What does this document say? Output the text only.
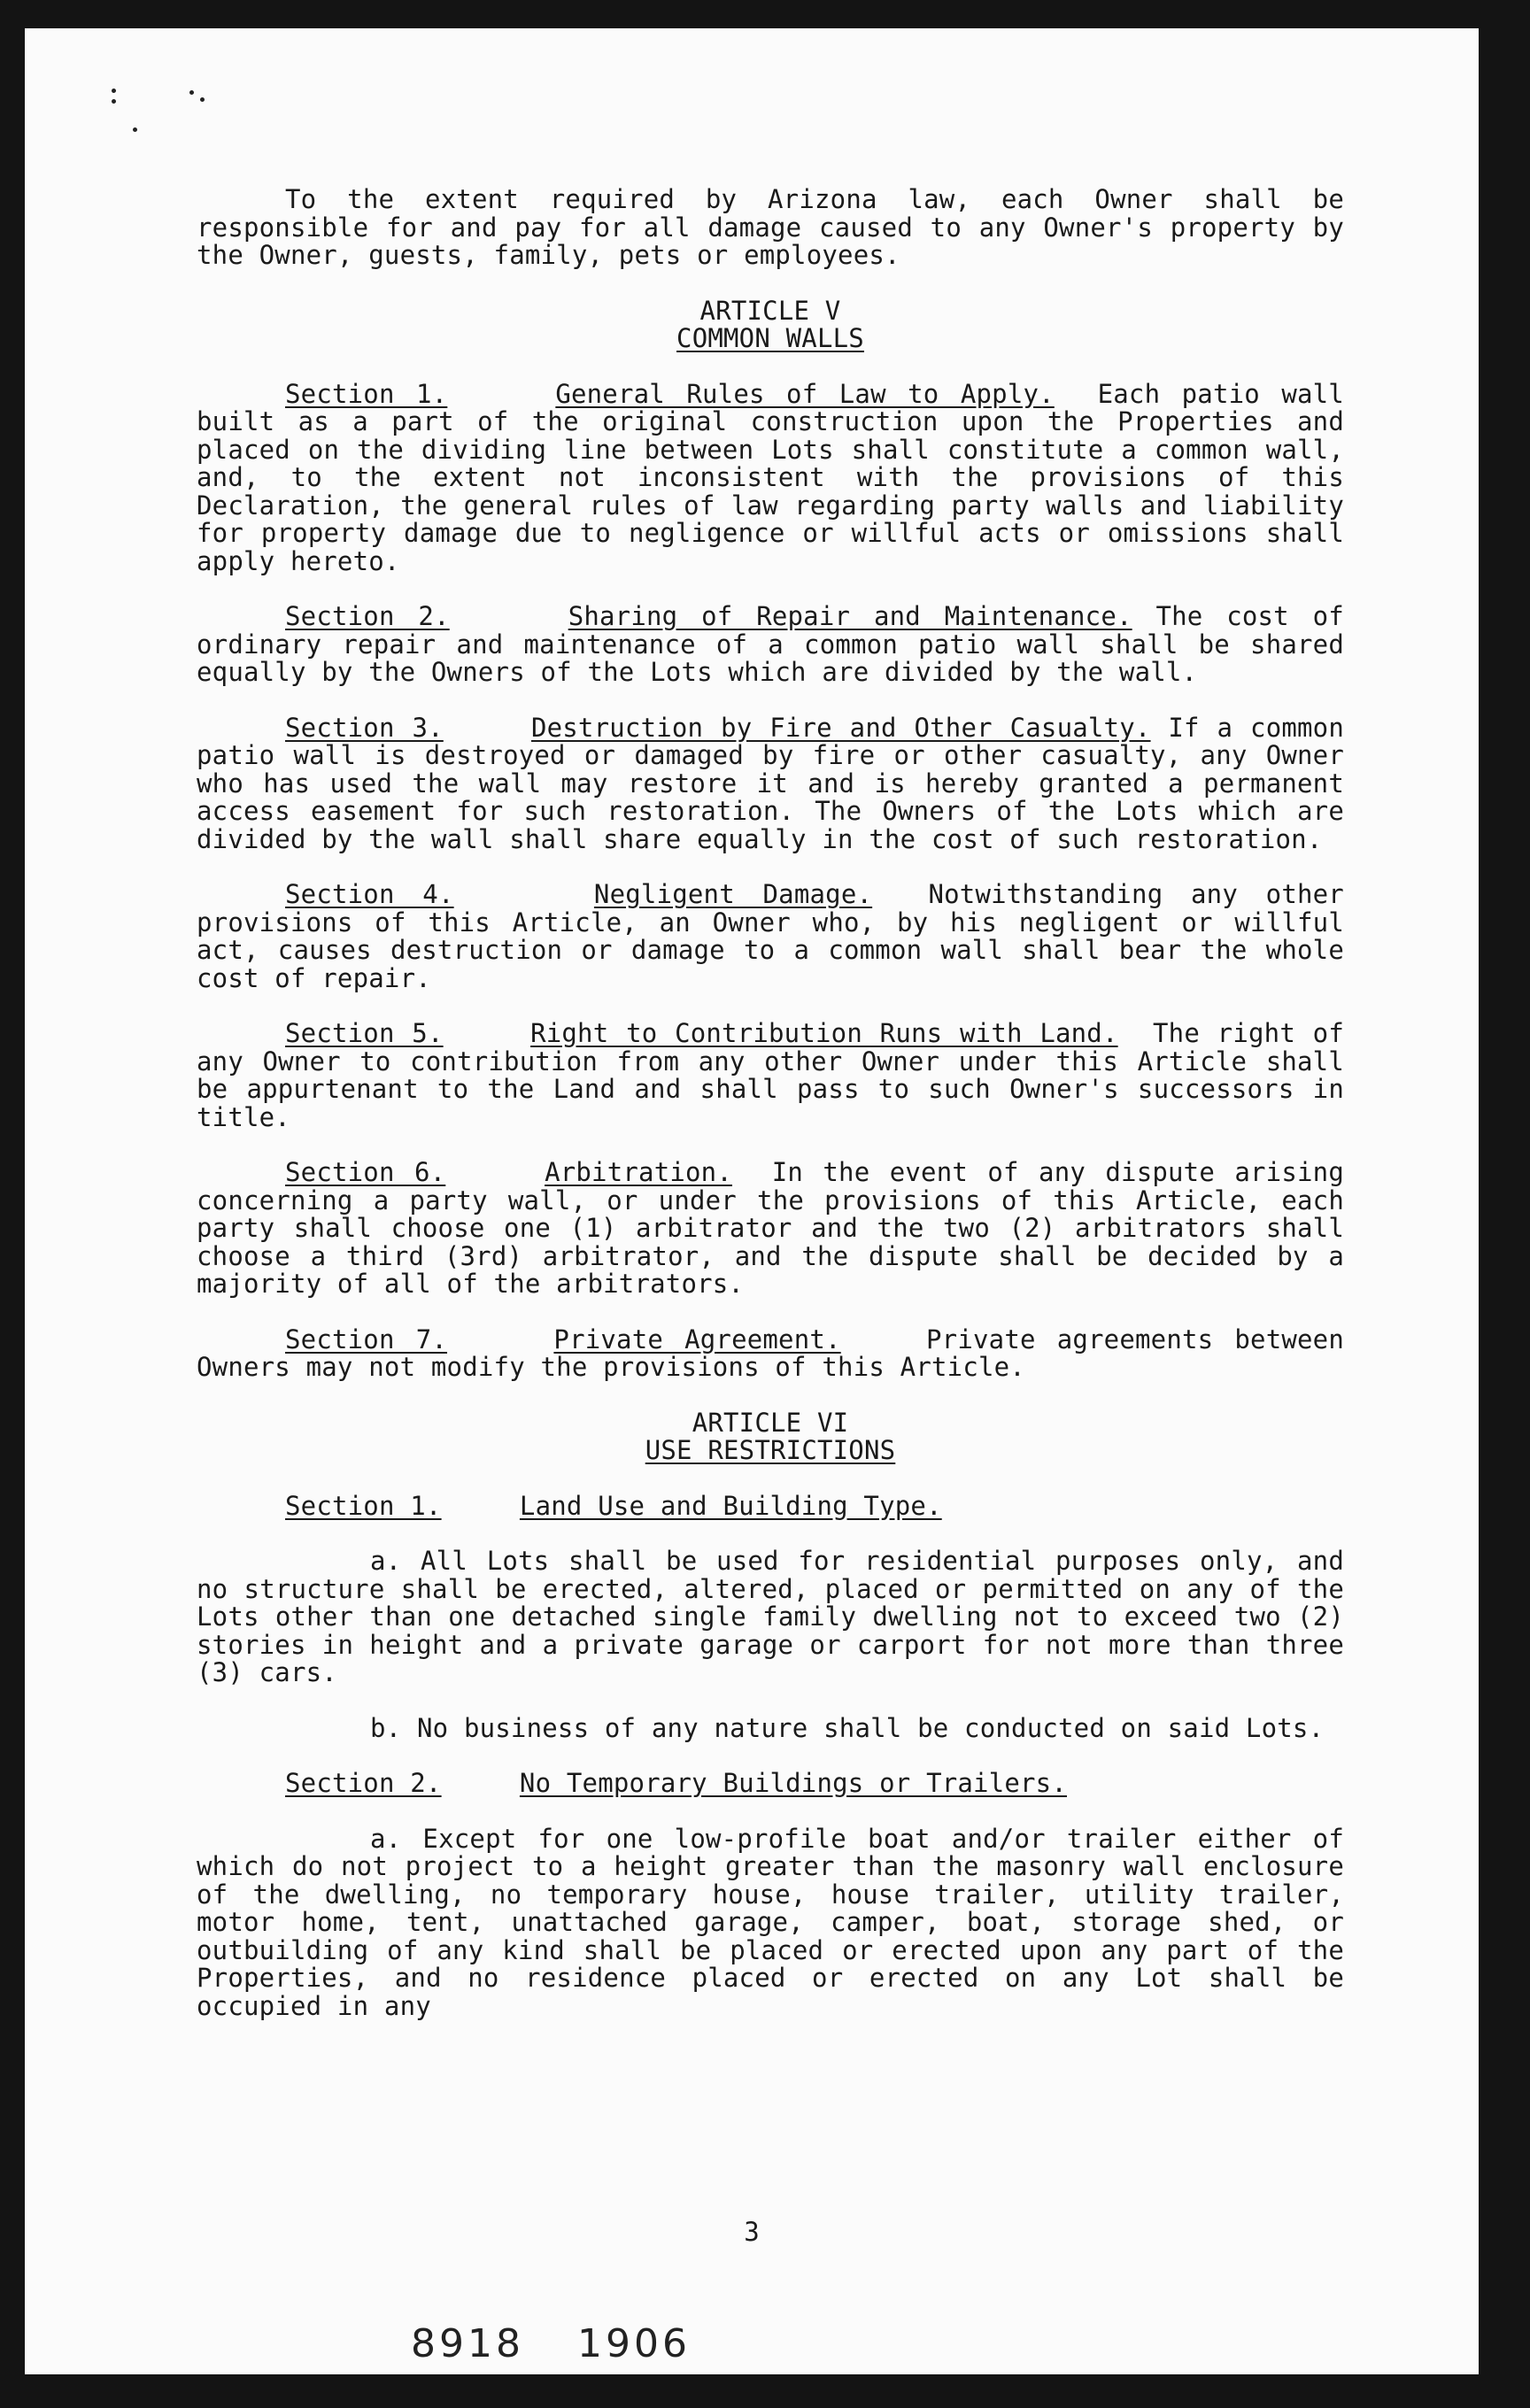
To the extent required by Arizona law, each Owner shall be responsible for and pay for all damage caused to any Owner's property by the Owner, guests, family, pets or employees.

ARTICLE V
COMMON WALLS

Section 1.	General Rules of Law to Apply. Each patio wall built as a part of the original construction upon the Properties and placed on the dividing line between Lots shall constitute a common wall, and, to the extent not inconsistent with the provisions of this Declaration, the general rules of law regarding party walls and liability for property damage due to negligence or willful acts or omissions shall apply hereto.

Section 2.	Sharing of Repair and Maintenance. The cost of ordinary repair and maintenance of a common patio wall shall be shared equally by the Owners of the Lots which are divided by the wall.

Section 3.	Destruction by Fire and Other Casualty. If a common patio wall is destroyed or damaged by fire or other casualty, any Owner who has used the wall may restore it and is hereby granted a permanent access easement for such restoration. The Owners of the Lots which are divided by the wall shall share equally in the cost of such restoration.

Section 4.	Negligent Damage. Notwithstanding any other provisions of this Article, an Owner who, by his negligent or willful act, causes destruction or damage to a common wall shall bear the whole cost of repair.

Section 5.	Right to Contribution Runs with Land. The right of any Owner to contribution from any other Owner under this Article shall be appurtenant to the Land and shall pass to such Owner's successors in title.

Section 6.	Arbitration. In the event of any dispute arising concerning a party wall, or under the provisions of this Article, each party shall choose one (1) arbitrator and the two (2) arbitrators shall choose a third (3rd) arbitrator, and the dispute shall be decided by a majority of all of the arbitrators.

Section 7.	Private Agreement.	Private agreements between Owners may not modify the provisions of this Article.

ARTICLE VI
USE RESTRICTIONS
Section 1.	Land Use and Building Type.

a. All Lots shall be used for residential purposes only, and no structure shall be erected, altered, placed or permitted on any of the Lots other than one detached single family dwelling not to exceed two (2) stories in height and a private garage or carport for not more than three (3) cars.

b. No business of any nature shall be conducted on said Lots.

Section 2.	No Temporary Buildings or Trailers.

a. Except for one low-profile boat and/or trailer either of which do not project to a height greater than the masonry wall enclosure of the dwelling, no temporary house, house trailer, utility trailer, motor home, tent, unattached garage, camper, boat, storage shed, or outbuilding of any kind shall be placed or erected upon any part of the Properties, and no residence placed or erected on any Lot shall be occupied in any

3
8918 1906
